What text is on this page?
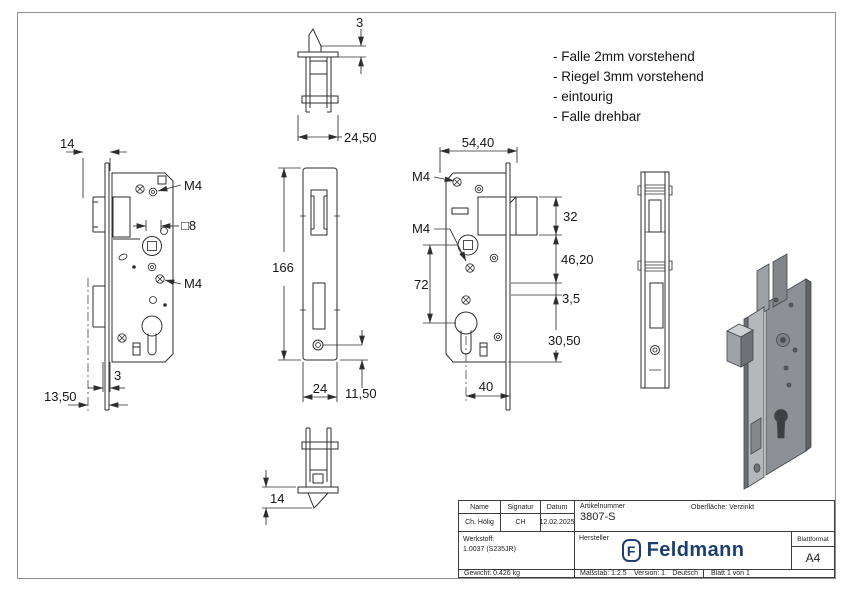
14
M4
□8
M4
3
13,50
3
24,50
166
24 11,50
54,40
M4
M4
32
46,20
3,5
30,50
72
40
14
- Falle 2mm vorstehend
- Riegel 3mm vorstehend
- eintourig
- Falle drehbar
Name	Signatur	Datum
Ch. Hölig	CH	12.02.2025
Artikelnummer
3807-S
Oberfläche: Verzinkt
Werkstoff:
1.0037 (S235JR)
Hersteller
F Feldmann	Blattformat
A4
Gewicht: 0.426 kg	Maßstab: 1:2.5 Version: 1 Deutsch	Blatt 1 von 1
